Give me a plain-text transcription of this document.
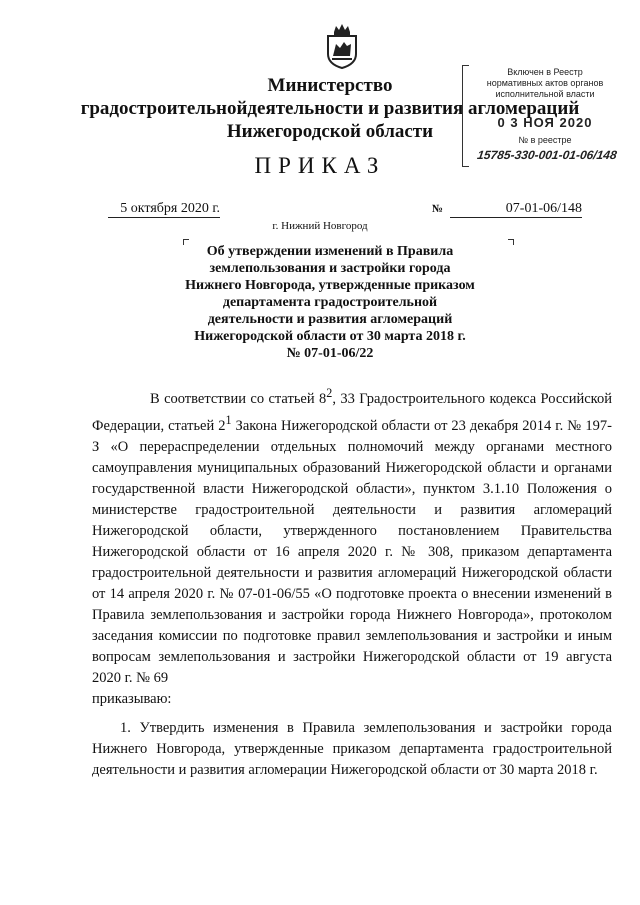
Министерство
градостроительнойдеятельности и развития агломераций
Нижегородской области
Включен в Реестр
нормативных актов органов
исполнительной власти
0 3 НОЯ 2020
№ в реестре
15785-330-001-01-06/148
ПРИКАЗ
5 октября 2020 г.	№	07-01-06/148
г. Нижний Новгород
Об утверждении изменений в Правила
землепользования и застройки города
Нижнего Новгорода, утвержденные приказом
департамента градостроительной
деятельности и развития агломераций
Нижегородской области от 30 марта 2018 г.
№ 07-01-06/22

В соответствии со статьей $8^2$, 33 Градостроительного кодекса Российской Федерации, статьей $2^1$ Закона Нижегородской области от 23 декабря 2014 г. № 197-З «О перераспределении отдельных полномочий между органами местного самоуправления муниципальных образований Нижегородской области и органами государственной власти Нижегородской области», пунктом 3.1.10 Положения о министерстве градостроительной деятельности и развития агломераций Нижегородской области, утвержденного постановлением Правительства Нижегородской области от 16 апреля 2020 г. № 308, приказом департамента градостроительной деятельности и развития агломераций Нижегородской области от 14 апреля 2020 г. № 07-01-06/55 «О подготовке проекта о внесении изменений в Правила землепользования и застройки города Нижнего Новгорода», протоколом заседания комиссии по подготовке правил землепользования и застройки и иным вопросам землепользования и застройки Нижегородской области от 19 августа 2020 г. № 69

приказываю:

1. Утвердить изменения в Правила землепользования и застройки города Нижнего Новгорода, утвержденные приказом департамента градостроительной деятельности и развития агломерации Нижегородской области от 30 марта 2018 г.
